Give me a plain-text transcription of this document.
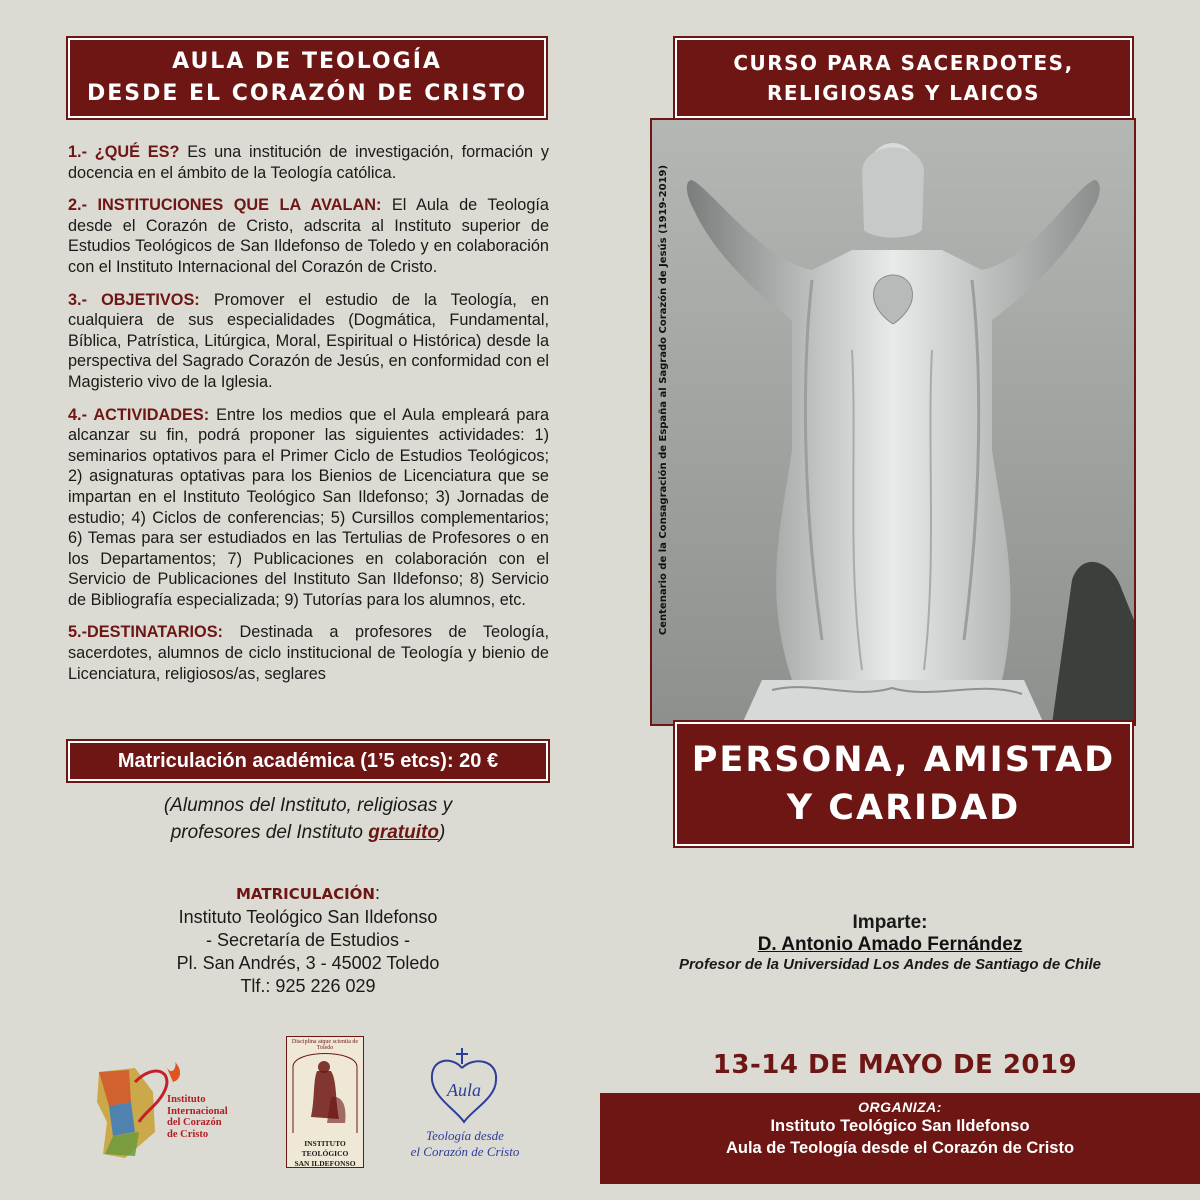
AULA DE TEOLOGÍA
DESDE EL CORAZÓN DE CRISTO

1.- ¿QUÉ ES? Es una institución de investigación, formación y docencia en el ámbito de la Teología católica.

2.- INSTITUCIONES QUE LA AVALAN: El Aula de Teología desde el Corazón de Cristo, adscrita al Instituto superior de Estudios Teológicos de San Ildefonso de Toledo y en colaboración con el Instituto Internacional del Corazón de Cristo.

3.- OBJETIVOS: Promover el estudio de la Teología, en cualquiera de sus especialidades (Dogmática, Fundamental, Bíblica, Patrística, Litúrgica, Moral, Espiritual o Histórica) desde la perspectiva del Sagrado Corazón de Jesús, en conformidad con el Magisterio vivo de la Iglesia.

4.- ACTIVIDADES: Entre los medios que el Aula empleará para alcanzar su fin, podrá proponer las siguientes actividades: 1) seminarios optativos para el Primer Ciclo de Estudios Teológicos; 2) asignaturas optativas para los Bienios de Licenciatura que se impartan en el Instituto Teológico San Ildefonso; 3) Jornadas de estudio; 4) Ciclos de conferencias; 5) Cursillos complementarios; 6) Temas para ser estudiados en las Tertulias de Profesores o en los Departamentos; 7) Publicaciones en colaboración con el Servicio de Publicaciones del Instituto San Ildefonso; 8) Servicio de Bibliografía especializada; 9) Tutorías para los alumnos, etc.

5.-DESTINATARIOS: Destinada a profesores de Teología, sacerdotes, alumnos de ciclo institucional de Teología y bienio de Licenciatura, religiosos/as, seglares

Matriculación académica (1’5 etcs): 20 €
(Alumnos del Instituto, religiosas y
profesores del Instituto gratuito)
MATRICULACIÓN:
Instituto Teológico San Ildefonso
- Secretaría de Estudios -
Pl. San Andrés, 3 - 45002 Toledo
Tlf.: 925 226 029
Instituto
Internacional
del Corazón
de Cristo
Disciplina atque scientia de Toledo
INSTITUTO TEOLÓGICO
SAN ILDEFONSO
Aula
Teología desde
el Corazón de Cristo
CURSO PARA SACERDOTES,
RELIGIOSAS Y LAICOS
Centenario de la Consagración de España al Sagrado Corazón de Jesús (1919-2019)
PERSONA, AMISTAD
Y CARIDAD
Imparte:
D. Antonio Amado Fernández
Profesor de la Universidad Los Andes de Santiago de Chile
13-14 DE MAYO DE 2019
ORGANIZA:
Instituto Teológico San Ildefonso
Aula de Teología desde el Corazón de Cristo
